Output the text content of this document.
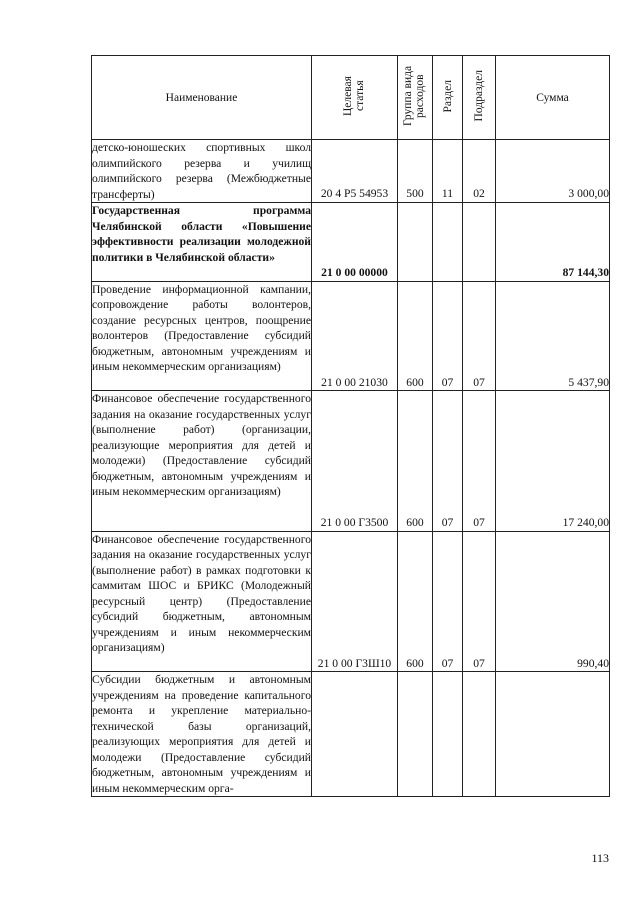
Наименование	Целевая статья	Группа вида расходов	Раздел	Подраздел	Сумма

детско-юношеских спортивных школ олимпийского резерва и училищ олимпийского резерва (Межбюджетные трансферты)	20 4 Р5 54953	500	11	02	3 000,00

Государственная программа Челябинской области «Повышение эффективности реализации молодежной политики в Челябинской области»	21 0 00 00000				87 144,30

Проведение информационной кампании, сопровождение работы волонтеров, создание ресурсных центров, поощрение волонтеров (Предоставление субсидий бюджетным, автономным учреждениям и иным некоммерческим организациям)	21 0 00 21030	600	07	07	5 437,90

Финансовое обеспечение государственного задания на оказание государственных услуг (выполнение работ) (организации, реализующие мероприятия для детей и молодежи) (Предоставление субсидий бюджетным, автономным учреждениям и иным некоммерческим организациям)	21 0 00 Г3500	600	07	07	17 240,00

Финансовое обеспечение государственного задания на оказание государственных услуг (выполнение работ) в рамках подготовки к саммитам ШОС и БРИКС (Молодежный ресурсный центр) (Предоставление субсидий бюджетным, автономным учреждениям и иным некоммерческим организациям)	21 0 00 Г3Ш10	600	07	07	990,40

Субсидии бюджетным и автономным учреждениям на проведение капитального ремонта и укрепление материально-технической базы организаций, реализующих мероприятия для детей и молодежи (Предоставление субсидий бюджетным, автономным учреждениям и иным некоммерческим орга-					

113
